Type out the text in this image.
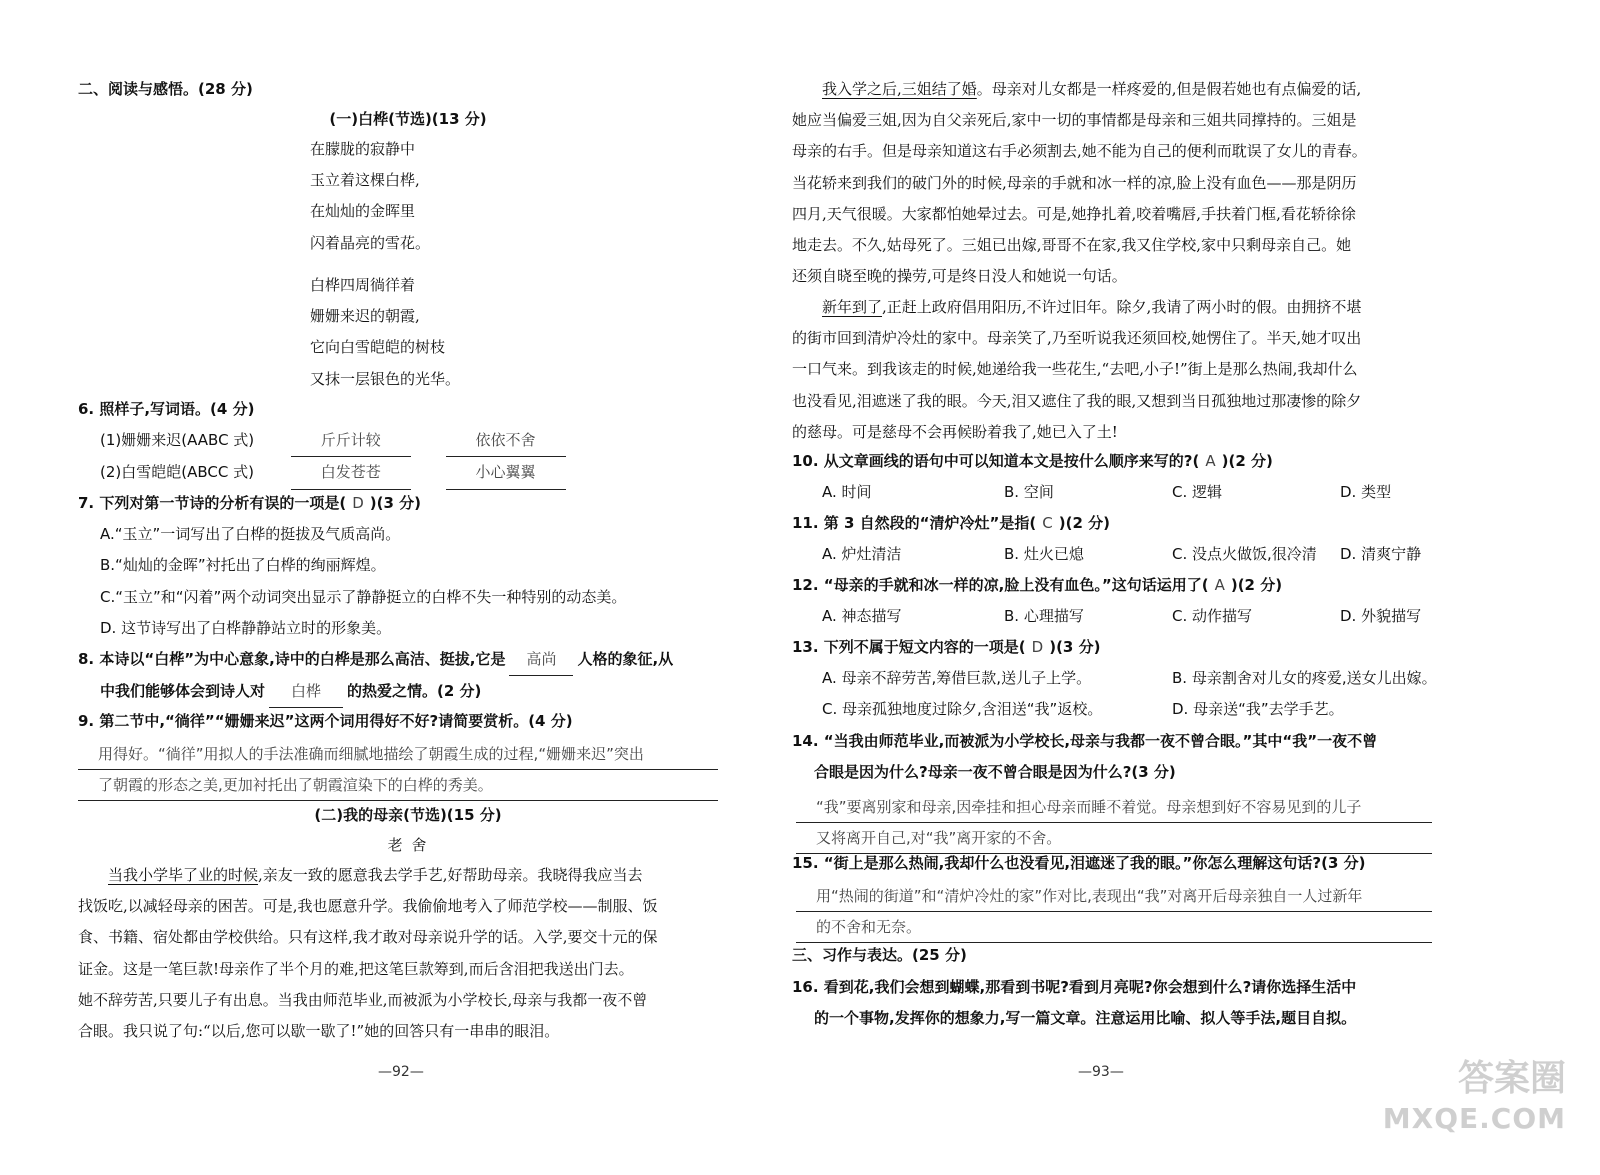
二、阅读与感悟。(28 分)
(一)白桦(节选)(13 分)
在朦胧的寂静中
玉立着这棵白桦,
在灿灿的金晖里
闪着晶亮的雪花。
白桦四周徜徉着
姗姗来迟的朝霞,
它向白雪皑皑的树枝
又抹一层银色的光华。
6. 照样子,写词语。(4 分)
(1)姗姗来迟(AABC 式)	斤斤计较	依依不舍
(2)白雪皑皑(ABCC 式)	白发苍苍	小心翼翼
7. 下列对第一节诗的分析有误的一项是( D )(3 分)
A.“玉立”一词写出了白桦的挺拔及气质高尚。
B.“灿灿的金晖”衬托出了白桦的绚丽辉煌。
C.“玉立”和“闪着”两个动词突出显示了静静挺立的白桦不失一种特别的动态美。
D. 这节诗写出了白桦静静站立时的形象美。
8. 本诗以“白桦”为中心意象,诗中的白桦是那么高洁、挺拔,它是 高尚 人格的象征,从
中我们能够体会到诗人对 白桦 的热爱之情。(2 分)
9. 第二节中,“徜徉”“姗姗来迟”这两个词用得好不好?请简要赏析。(4 分)
用得好。“徜徉”用拟人的手法准确而细腻地描绘了朝霞生成的过程,“姗姗来迟”突出
了朝霞的形态之美,更加衬托出了朝霞渲染下的白桦的秀美。
(二)我的母亲(节选)(15 分)
老 舍
当我小学毕了业的时候,亲友一致的愿意我去学手艺,好帮助母亲。我晓得我应当去
找饭吃,以减轻母亲的困苦。可是,我也愿意升学。我偷偷地考入了师范学校——制服、饭
食、书籍、宿处都由学校供给。只有这样,我才敢对母亲说升学的话。入学,要交十元的保
证金。这是一笔巨款!母亲作了半个月的难,把这笔巨款筹到,而后含泪把我送出门去。
她不辞劳苦,只要儿子有出息。当我由师范毕业,而被派为小学校长,母亲与我都一夜不曾
合眼。我只说了句:“以后,您可以歇一歇了!”她的回答只有一串串的眼泪。
—92—
我入学之后,三姐结了婚。母亲对儿女都是一样疼爱的,但是假若她也有点偏爱的话,
她应当偏爱三姐,因为自父亲死后,家中一切的事情都是母亲和三姐共同撑持的。三姐是
母亲的右手。但是母亲知道这右手必须割去,她不能为自己的便利而耽误了女儿的青春。
当花轿来到我们的破门外的时候,母亲的手就和冰一样的凉,脸上没有血色——那是阴历
四月,天气很暖。大家都怕她晕过去。可是,她挣扎着,咬着嘴唇,手扶着门框,看花轿徐徐
地走去。不久,姑母死了。三姐已出嫁,哥哥不在家,我又住学校,家中只剩母亲自己。她
还须自晓至晚的操劳,可是终日没人和她说一句话。
新年到了,正赶上政府倡用阳历,不许过旧年。除夕,我请了两小时的假。由拥挤不堪
的街市回到清炉冷灶的家中。母亲笑了,乃至听说我还须回校,她愣住了。半天,她才叹出
一口气来。到我该走的时候,她递给我一些花生,“去吧,小子!”街上是那么热闹,我却什么
也没看见,泪遮迷了我的眼。今天,泪又遮住了我的眼,又想到当日孤独地过那凄惨的除夕
的慈母。可是慈母不会再候盼着我了,她已入了土!
10. 从文章画线的语句中可以知道本文是按什么顺序来写的?( A )(2 分)
A. 时间	B. 空间	C. 逻辑	D. 类型
11. 第 3 自然段的“清炉冷灶”是指( C )(2 分)
A. 炉灶清洁	B. 灶火已熄	C. 没点火做饭,很冷清	D. 清爽宁静
12. “母亲的手就和冰一样的凉,脸上没有血色。”这句话运用了( A )(2 分)
A. 神态描写	B. 心理描写	C. 动作描写	D. 外貌描写
13. 下列不属于短文内容的一项是( D )(3 分)
A. 母亲不辞劳苦,筹借巨款,送儿子上学。	B. 母亲割舍对儿女的疼爱,送女儿出嫁。
C. 母亲孤独地度过除夕,含泪送“我”返校。	D. 母亲送“我”去学手艺。
14. “当我由师范毕业,而被派为小学校长,母亲与我都一夜不曾合眼。”其中“我”一夜不曾
合眼是因为什么?母亲一夜不曾合眼是因为什么?(3 分)
“我”要离别家和母亲,因牵挂和担心母亲而睡不着觉。母亲想到好不容易见到的儿子
又将离开自己,对“我”离开家的不舍。
15. “街上是那么热闹,我却什么也没看见,泪遮迷了我的眼。”你怎么理解这句话?(3 分)
用“热闹的街道”和“清炉冷灶的家”作对比,表现出“我”对离开后母亲独自一人过新年
的不舍和无奈。
三、习作与表达。(25 分)
16. 看到花,我们会想到蝴蝶,那看到书呢?看到月亮呢?你会想到什么?请你选择生活中
的一个事物,发挥你的想象力,写一篇文章。注意运用比喻、拟人等手法,题目自拟。
—93—	答案圈
MXQE.COM
